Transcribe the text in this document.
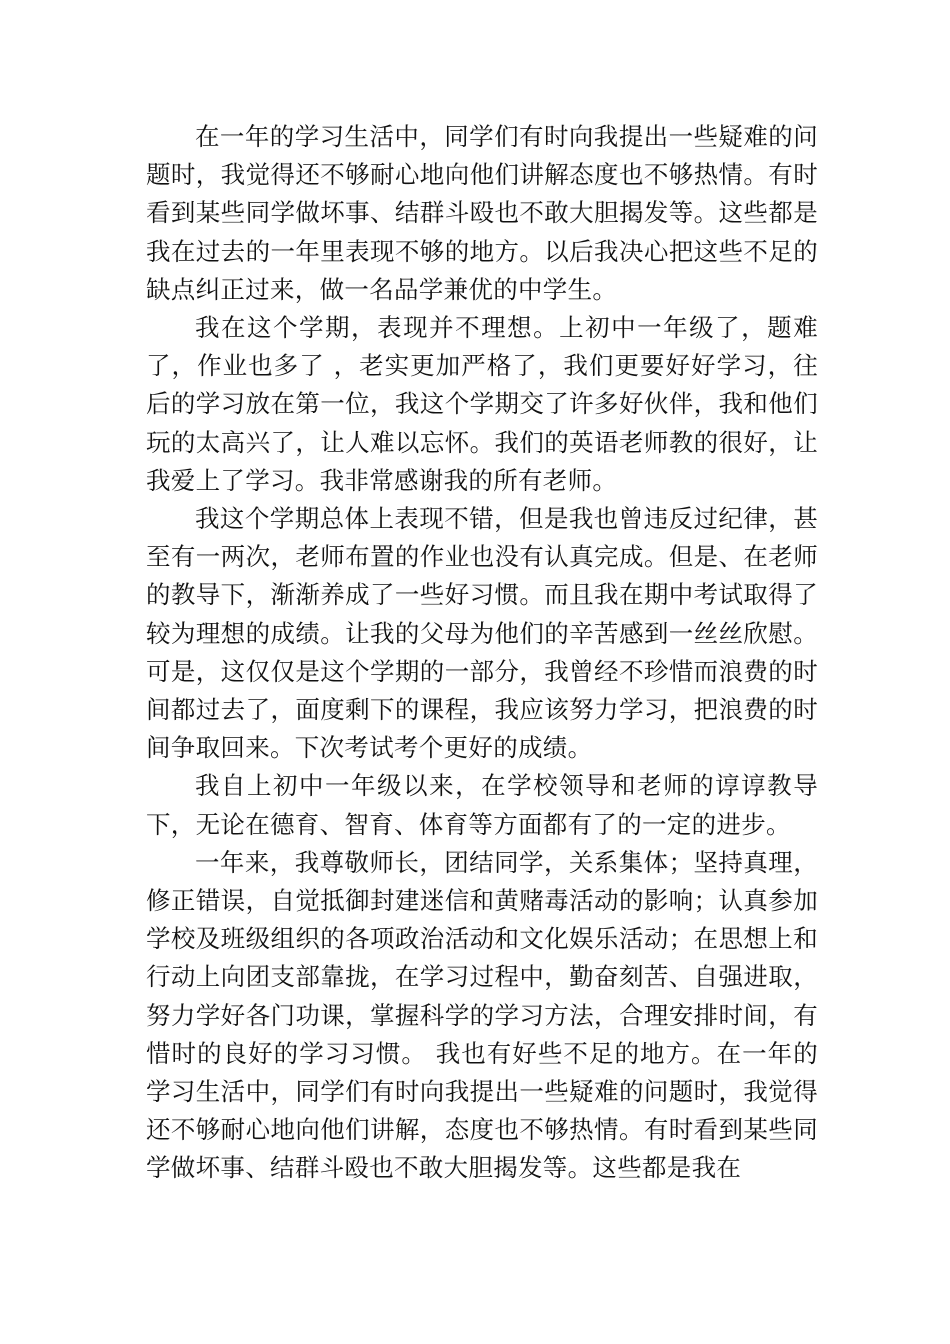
在一年的学习生活中，同学们有时向我提出一些疑难的问题时，我觉得还不够耐心地向他们讲解态度也不够热情。有时看到某些同学做坏事、结群斗殴也不敢大胆揭发等。这些都是我在过去的一年里表现不够的地方。以后我决心把这些不足的缺点纠正过来，做一名品学兼优的中学生。

我在这个学期，表现并不理想。上初中一年级了，题难了，作业也多了 ，老实更加严格了，我们更要好好学习，往后的学习放在第一位，我这个学期交了许多好伙伴，我和他们玩的太高兴了，让人难以忘怀。我们的英语老师教的很好，让我爱上了学习。我非常感谢我的所有老师。

我这个学期总体上表现不错，但是我也曾违反过纪律，甚至有一两次，老师布置的作业也没有认真完成。但是、在老师的教导下，渐渐养成了一些好习惯。而且我在期中考试取得了较为理想的成绩。让我的父母为他们的辛苦感到一丝丝欣慰。可是，这仅仅是这个学期的一部分，我曾经不珍惜而浪费的时间都过去了，面度剩下的课程，我应该努力学习，把浪费的时间争取回来。下次考试考个更好的成绩。

我自上初中一年级以来，在学校领导和老师的谆谆教导下，无论在德育、智育、体育等方面都有了的一定的进步。

一年来，我尊敬师长，团结同学，关系集体；坚持真理，修正错误，自觉抵御封建迷信和黄赌毒活动的影响；认真参加学校及班级组织的各项政治活动和文化娱乐活动；在思想上和行动上向团支部靠拢，在学习过程中，勤奋刻苦、自强进取，努力学好各门功课，掌握科学的学习方法，合理安排时间，有惜时的良好的学习习惯。 我也有好些不足的地方。在一年的学习生活中，同学们有时向我提出一些疑难的问题时，我觉得还不够耐心地向他们讲解，态度也不够热情。有时看到某些同学做坏事、结群斗殴也不敢大胆揭发等。这些都是我在
